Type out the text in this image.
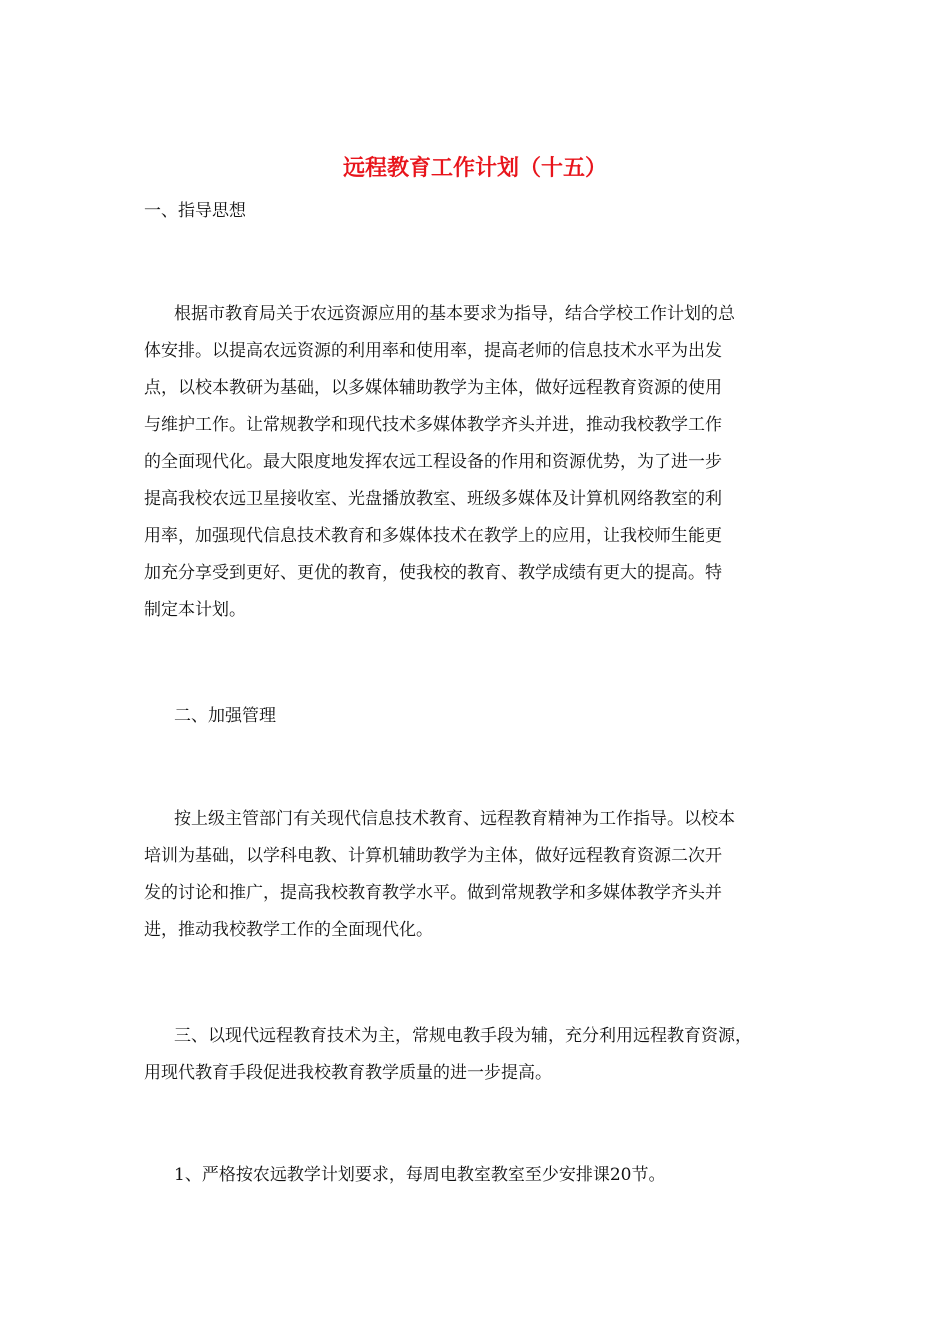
远程教育工作计划（十五）

一、指导思想

根据市教育局关于农远资源应用的基本要求为指导，结合学校工作计划的总
体安排。以提高农远资源的利用率和使用率，提高老师的信息技术水平为出发
点，以校本教研为基础，以多媒体辅助教学为主体，做好远程教育资源的使用
与维护工作。让常规教学和现代技术多媒体教学齐头并进，推动我校教学工作
的全面现代化。最大限度地发挥农远工程设备的作用和资源优势，为了进一步
提高我校农远卫星接收室、光盘播放教室、班级多媒体及计算机网络教室的利
用率，加强现代信息技术教育和多媒体技术在教学上的应用，让我校师生能更
加充分享受到更好、更优的教育，使我校的教育、教学成绩有更大的提高。特
制定本计划。

二、加强管理

按上级主管部门有关现代信息技术教育、远程教育精神为工作指导。以校本
培训为基础，以学科电教、计算机辅助教学为主体，做好远程教育资源二次开
发的讨论和推广，提高我校教育教学水平。做到常规教学和多媒体教学齐头并
进，推动我校教学工作的全面现代化。
三、以现代远程教育技术为主，常规电教手段为辅，充分利用远程教育资源，
用现代教育手段促进我校教育教学质量的进一步提高。

1、严格按农远教学计划要求，每周电教室教室至少安排课20节。
